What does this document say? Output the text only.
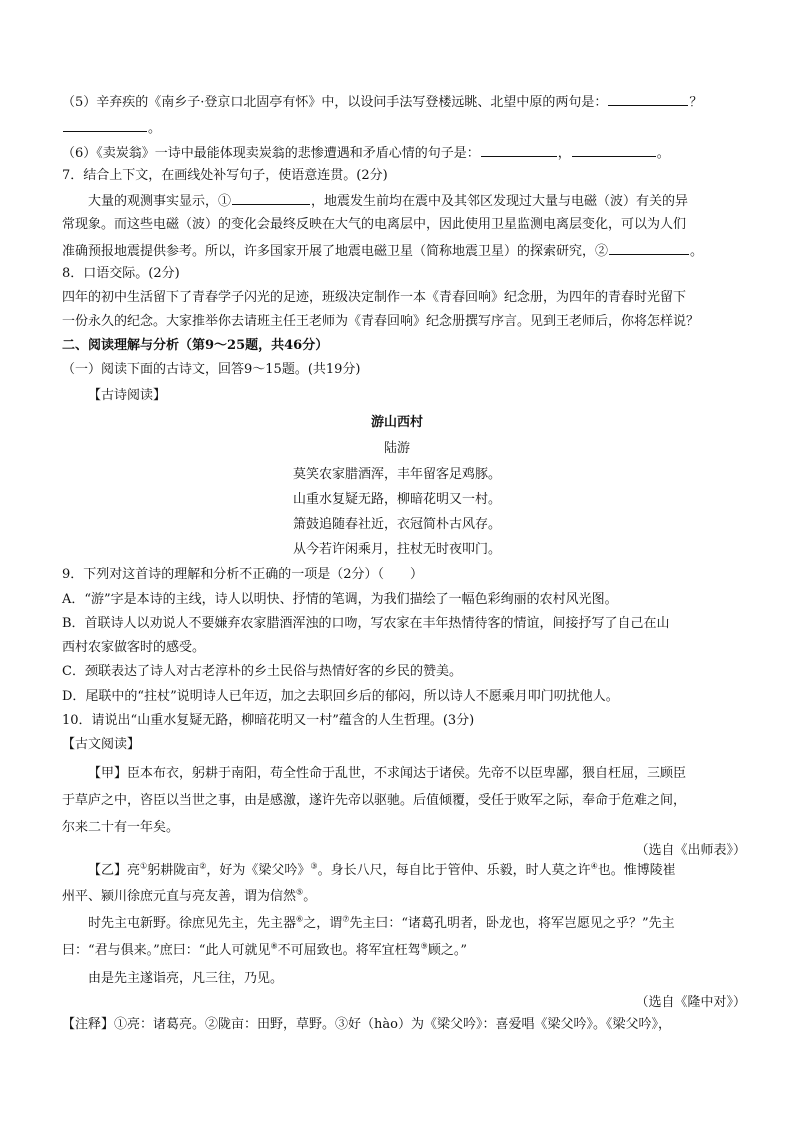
（5）辛弃疾的《南乡子·登京口北固亭有怀》中，以设问手法写登楼远眺、北望中原的两句是：	？
。
（6）《卖炭翁》一诗中最能体现卖炭翁的悲惨遭遇和矛盾心情的句子是：	，	。
7．结合上下文，在画线处补写句子，使语意连贯。(2分)
大量的观测事实显示，①	，地震发生前均在震中及其邻区发现过大量与电磁（波）有关的异
常现象。而这些电磁（波）的变化会最终反映在大气的电离层中，因此使用卫星监测电离层变化，可以为人们
准确预报地震提供参考。所以，许多国家开展了地震电磁卫星（简称地震卫星）的探索研究，②	。
8．口语交际。(2分)
四年的初中生活留下了青春学子闪光的足迹，班级决定制作一本《青春回响》纪念册，为四年的青春时光留下
一份永久的纪念。大家推举你去请班主任王老师为《青春回响》纪念册撰写序言。见到王老师后，你将怎样说？
二、阅读理解与分析（第9～25题，共46分）
（一）阅读下面的古诗文，回答9～15题。(共19分)
【古诗阅读】
游山西村
陆游
莫笑农家腊酒浑，丰年留客足鸡豚。
山重水复疑无路，柳暗花明又一村。
箫鼓追随春社近，衣冠简朴古风存。
从今若许闲乘月，拄杖无时夜叩门。
9．下列对这首诗的理解和分析不正确的一项是（2分）（　　）
A．“游”字是本诗的主线，诗人以明快、抒情的笔调，为我们描绘了一幅色彩绚丽的农村风光图。
B．首联诗人以劝说人不要嫌弃农家腊酒浑浊的口吻，写农家在丰年热情待客的情谊，间接抒写了自己在山
西村农家做客时的感受。
C．颈联表达了诗人对古老淳朴的乡土民俗与热情好客的乡民的赞美。
D．尾联中的“拄杖”说明诗人已年迈，加之去职回乡后的郁闷，所以诗人不愿乘月叩门叨扰他人。
10．请说出“山重水复疑无路，柳暗花明又一村”蕴含的人生哲理。(3分)
【古文阅读】
【甲】臣本布衣，躬耕于南阳，苟全性命于乱世，不求闻达于诸侯。先帝不以臣卑鄙，猥自枉屈，三顾臣
于草庐之中，咨臣以当世之事，由是感激，遂许先帝以驱驰。后值倾覆，受任于败军之际，奉命于危难之间，
尔来二十有一年矣。
（选自《出师表》）
【乙】亮①躬耕陇亩②，好为《梁父吟》③。身长八尺，每自比于管仲、乐毅，时人莫之许④也。惟博陵崔
州平、颍川徐庶元直与亮友善，谓为信然⑤。
时先主屯新野。徐庶见先主，先主器⑥之，谓⑦先主曰：“诸葛孔明者，卧龙也，将军岂愿见之乎？”先主
曰：“君与俱来。”庶曰：“此人可就见⑧不可屈致也。将军宜枉驾⑨顾之。”
由是先主遂诣亮，凡三往，乃见。
（选自《隆中对》）
【注释】①亮：诸葛亮。②陇亩：田野，草野。③好（hào）为《梁父吟》：喜爱唱《梁父吟》。《梁父吟》，
